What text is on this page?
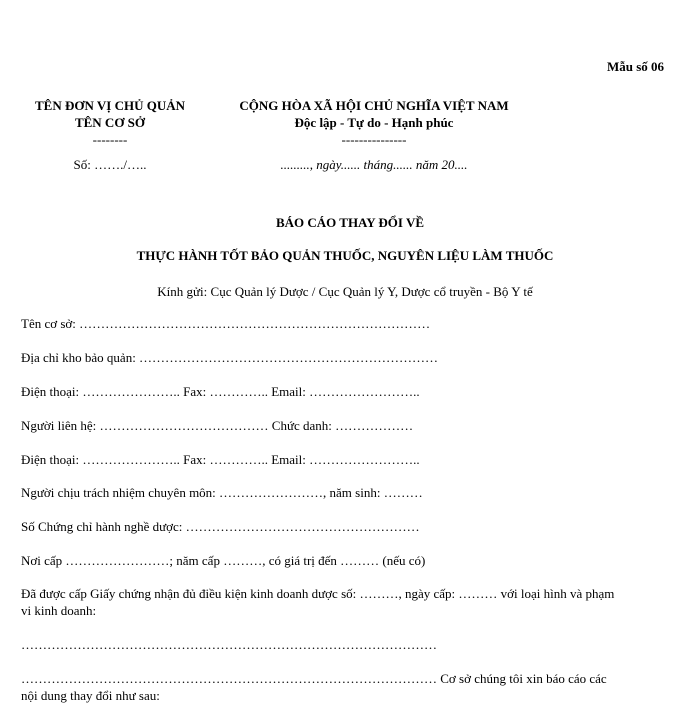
Mẫu số 06
TÊN ĐƠN VỊ CHỦ QUẢN
TÊN CƠ SỞ
--------
Số: ……./…..
CỘNG HÒA XÃ HỘI CHỦ NGHĨA VIỆT NAM
Độc lập - Tự do - Hạnh phúc
---------------
........., ngày...... tháng...... năm 20....
BÁO CÁO THAY ĐỔI VỀ
THỰC HÀNH TỐT BẢO QUẢN THUỐC, NGUYÊN LIỆU LÀM THUỐC
Kính gửi: Cục Quản lý Dược / Cục Quản lý Y, Dược cổ truyền - Bộ Y tế
Tên cơ sở: ………………………………………………………………………
Địa chỉ kho bảo quản: ……………………………………………………………
Điện thoại: ………………….. Fax: ………….. Email: ……………………..
Người liên hệ: ………………………………… Chức danh: ………………
Điện thoại: ………………….. Fax: ………….. Email: ……………………..
Người chịu trách nhiệm chuyên môn: ……………………, năm sinh: ………
Số Chứng chỉ hành nghề dược: ………………………………………………
Nơi cấp ……………………; năm cấp ………, có giá trị đến ……… (nếu có)
Đã được cấp Giấy chứng nhận đủ điều kiện kinh doanh dược số: ………, ngày cấp: ……… với loại hình và phạm
vi kinh doanh:
……………………………………………………………………………………
…………………………………………………………………………………… Cơ sở chúng tôi xin báo cáo các
nội dung thay đổi như sau:
